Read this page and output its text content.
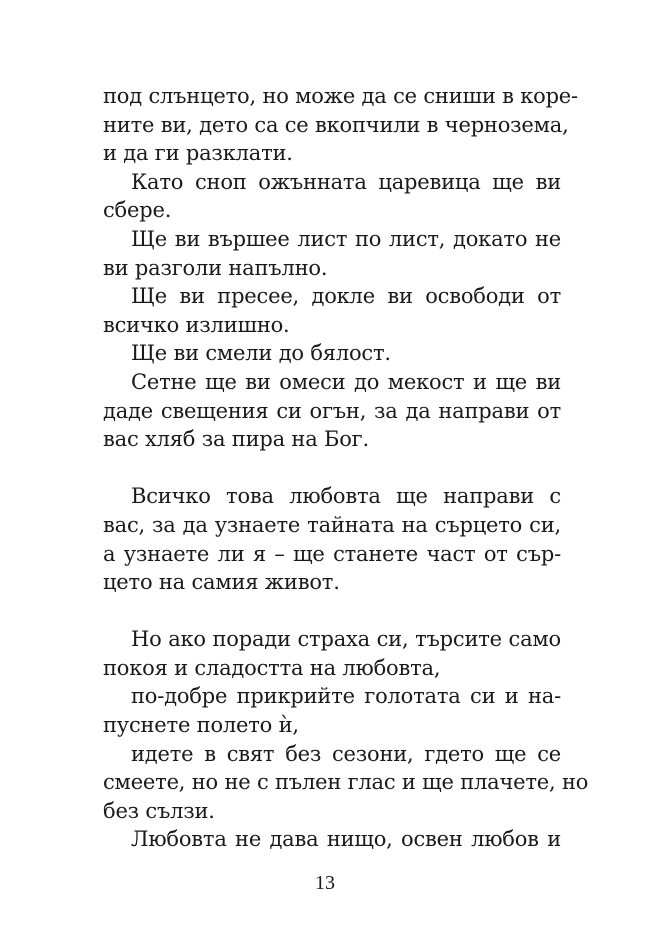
под слънцето, но може да се сниши в коре-
ните ви, дето са се вкопчили в чернозема,
и да ги разклати.
Като сноп ожънната царевица ще ви
сбере.
Ще ви вършее лист по лист, докато не
ви разголи напълно.
Ще ви пресее, докле ви освободи от
всичко излишно.
Ще ви смели до бялост.
Сетне ще ви омеси до мекост и ще ви
даде свещения си огън, за да направи от
вас хляб за пира на Бог.
Всичко това любовта ще направи с
вас, за да узнаете тайната на сърцето си,
а узнаете ли я – ще станете част от сър-
цето на самия живот.
Но ако поради страха си, търсите само
покоя и сладостта на любовта,
по-добре прикрийте голотата си и на-
пуснете полето ѝ,
идете в свят без сезони, гдето ще се
смеете, но не с пълен глас и ще плачете, но
без сълзи.
Любовта не дава нищо, освен любов и
13
